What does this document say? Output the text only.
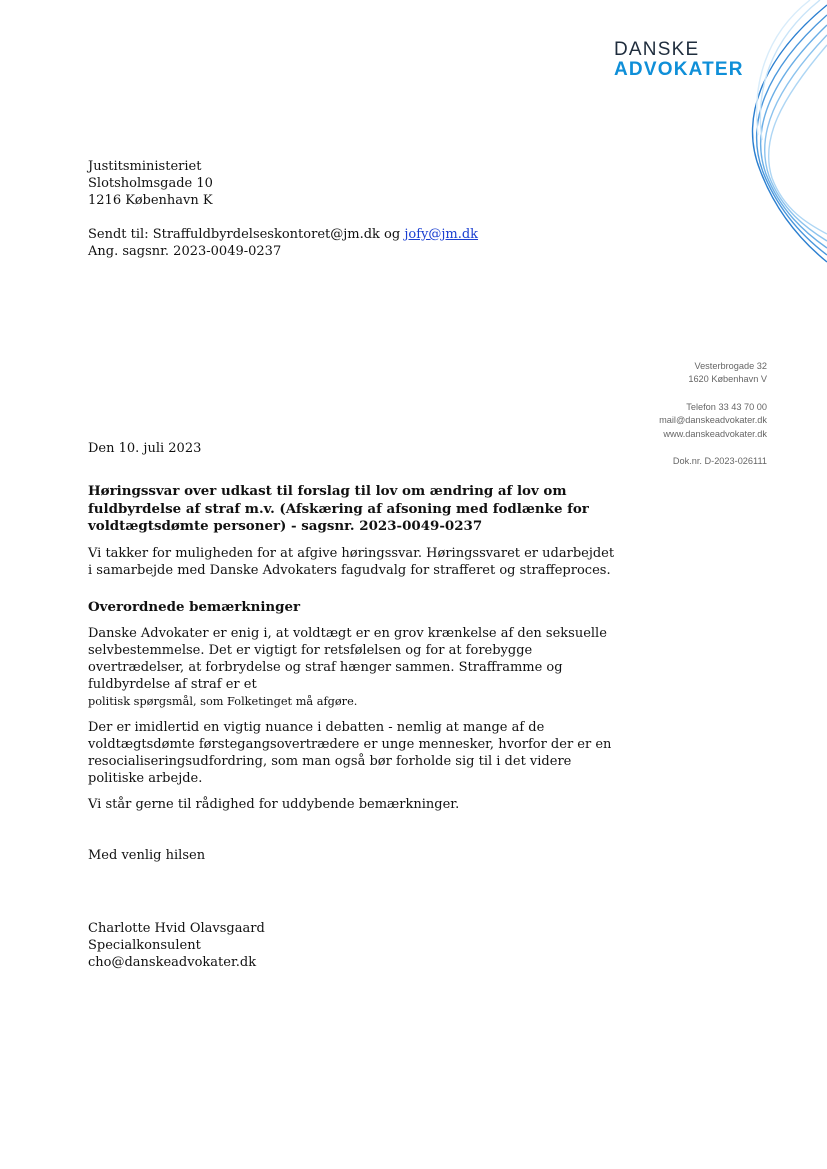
DANSKE
ADVOKATER
Justitsministeriet
Slotsholmsgade 10
1216 København K
Sendt til: Straffuldbyrdelseskontoret@jm.dk og jofy@jm.dk
Ang. sagsnr. 2023-0049-0237
Vesterbrogade 32
1620 København V
Telefon 33 43 70 00
mail@danskeadvokater.dk
www.danskeadvokater.dk
Dok.nr. D-2023-026111
Den 10. juli 2023
Høringssvar over udkast til forslag til lov om ændring af lov om fuldbyrdelse af straf m.v. (Afskæring af afsoning med fodlænke for voldtægtsdømte personer) - sagsnr. 2023-0049-0237

Vi takker for muligheden for at afgive høringssvar. Høringssvaret er udarbejdet i samarbejde med Danske Advokaters fagudvalg for strafferet og straffeproces.

Overordnede bemærkninger

Danske Advokater er enig i, at voldtægt er en grov krænkelse af den seksuelle selvbestemmelse. Det er vigtigt for retsfølelsen og for at forebygge overtrædelser, at forbrydelse og straf hænger sammen. Strafframme og fuldbyrdelse af straf er et
politisk spørgsmål, som Folketinget må afgøre.

Der er imidlertid en vigtig nuance i debatten - nemlig at mange af de voldtægtsdømte førstegangsovertrædere er unge mennesker, hvorfor der er en resocialiseringsudfordring, som man også bør forholde sig til i det videre politiske arbejde.

Vi står gerne til rådighed for uddybende bemærkninger.

Med venlig hilsen
Charlotte Hvid Olavsgaard
Specialkonsulent
cho@danskeadvokater.dk
